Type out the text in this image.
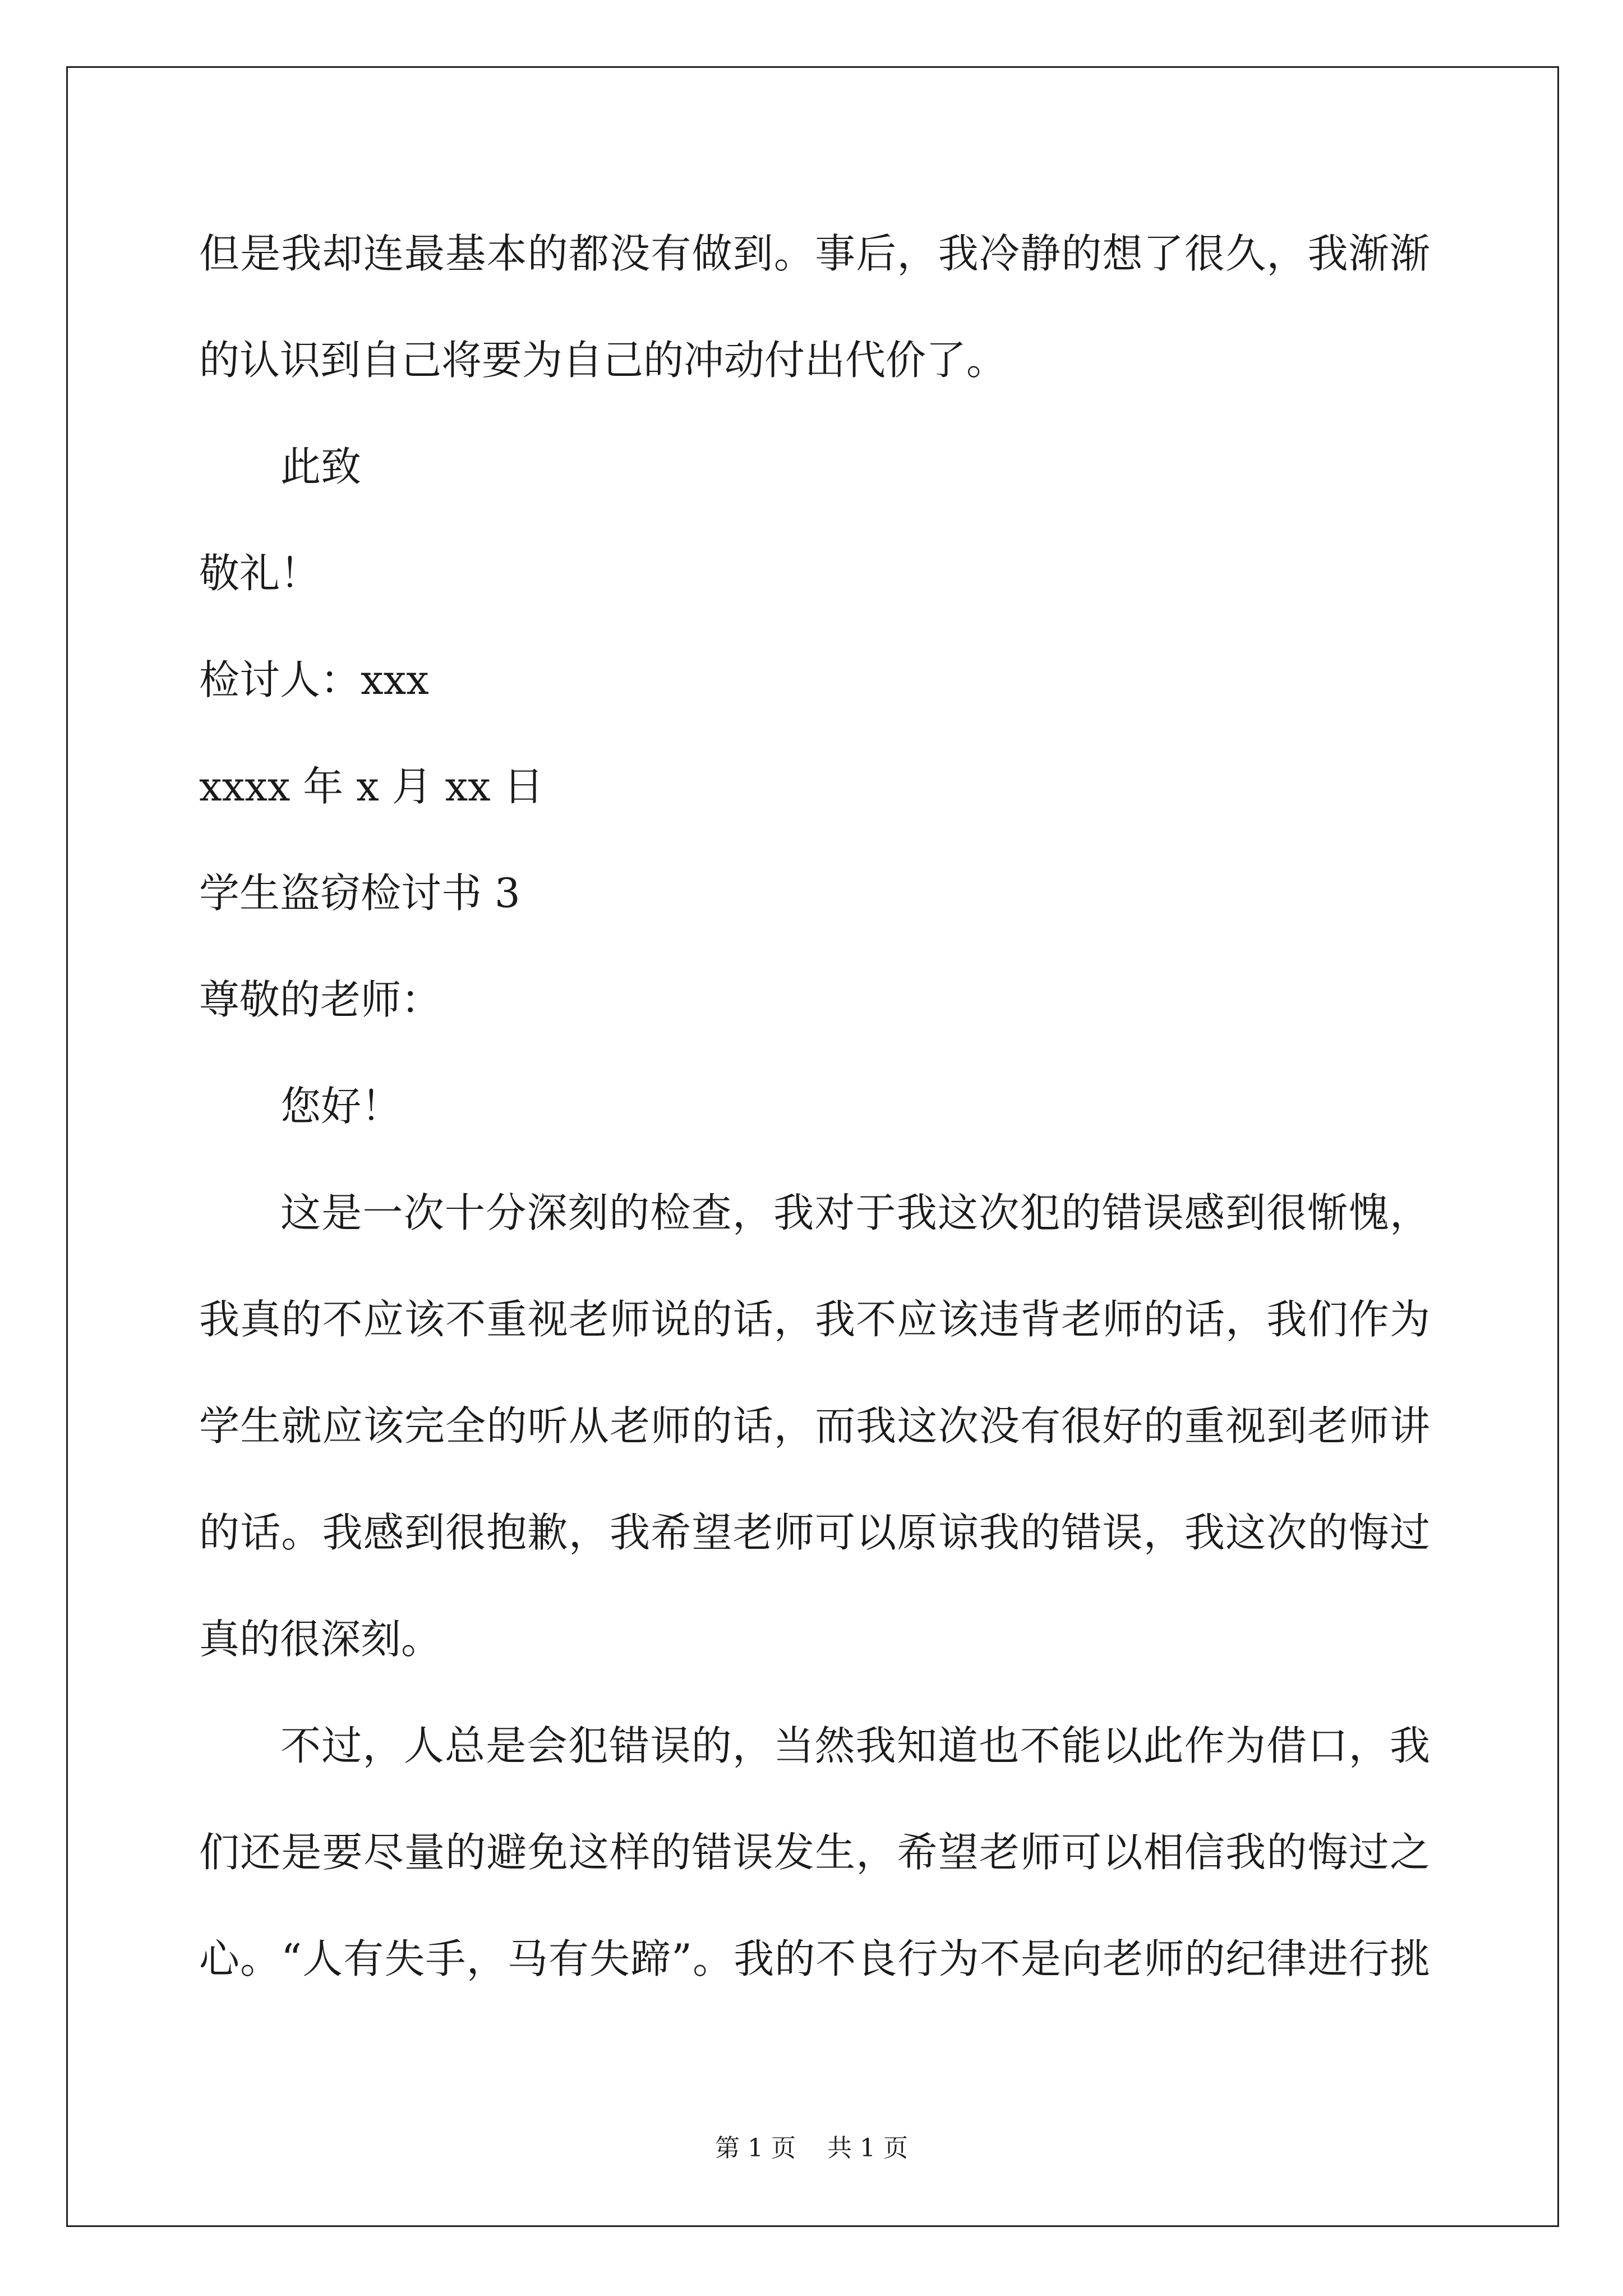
但是我却连最基本的都没有做到。事后，我冷静的想了很久，我渐渐
的认识到自己将要为自己的冲动付出代价了。
此致
敬礼！
检讨人：xxx
xxxx 年 x 月 xx 日
学生盗窃检讨书 3
尊敬的老师：
您好！
这是一次十分深刻的检查，我对于我这次犯的错误感到很惭愧，
我真的不应该不重视老师说的话，我不应该违背老师的话，我们作为
学生就应该完全的听从老师的话，而我这次没有很好的重视到老师讲
的话。我感到很抱歉，我希望老师可以原谅我的错误，我这次的悔过
真的很深刻。
不过，人总是会犯错误的，当然我知道也不能以此作为借口，我
们还是要尽量的避免这样的错误发生，希望老师可以相信我的悔过之
心。“人有失手，马有失蹄”。我的不良行为不是向老师的纪律进行挑
第 1 页 共 1 页
